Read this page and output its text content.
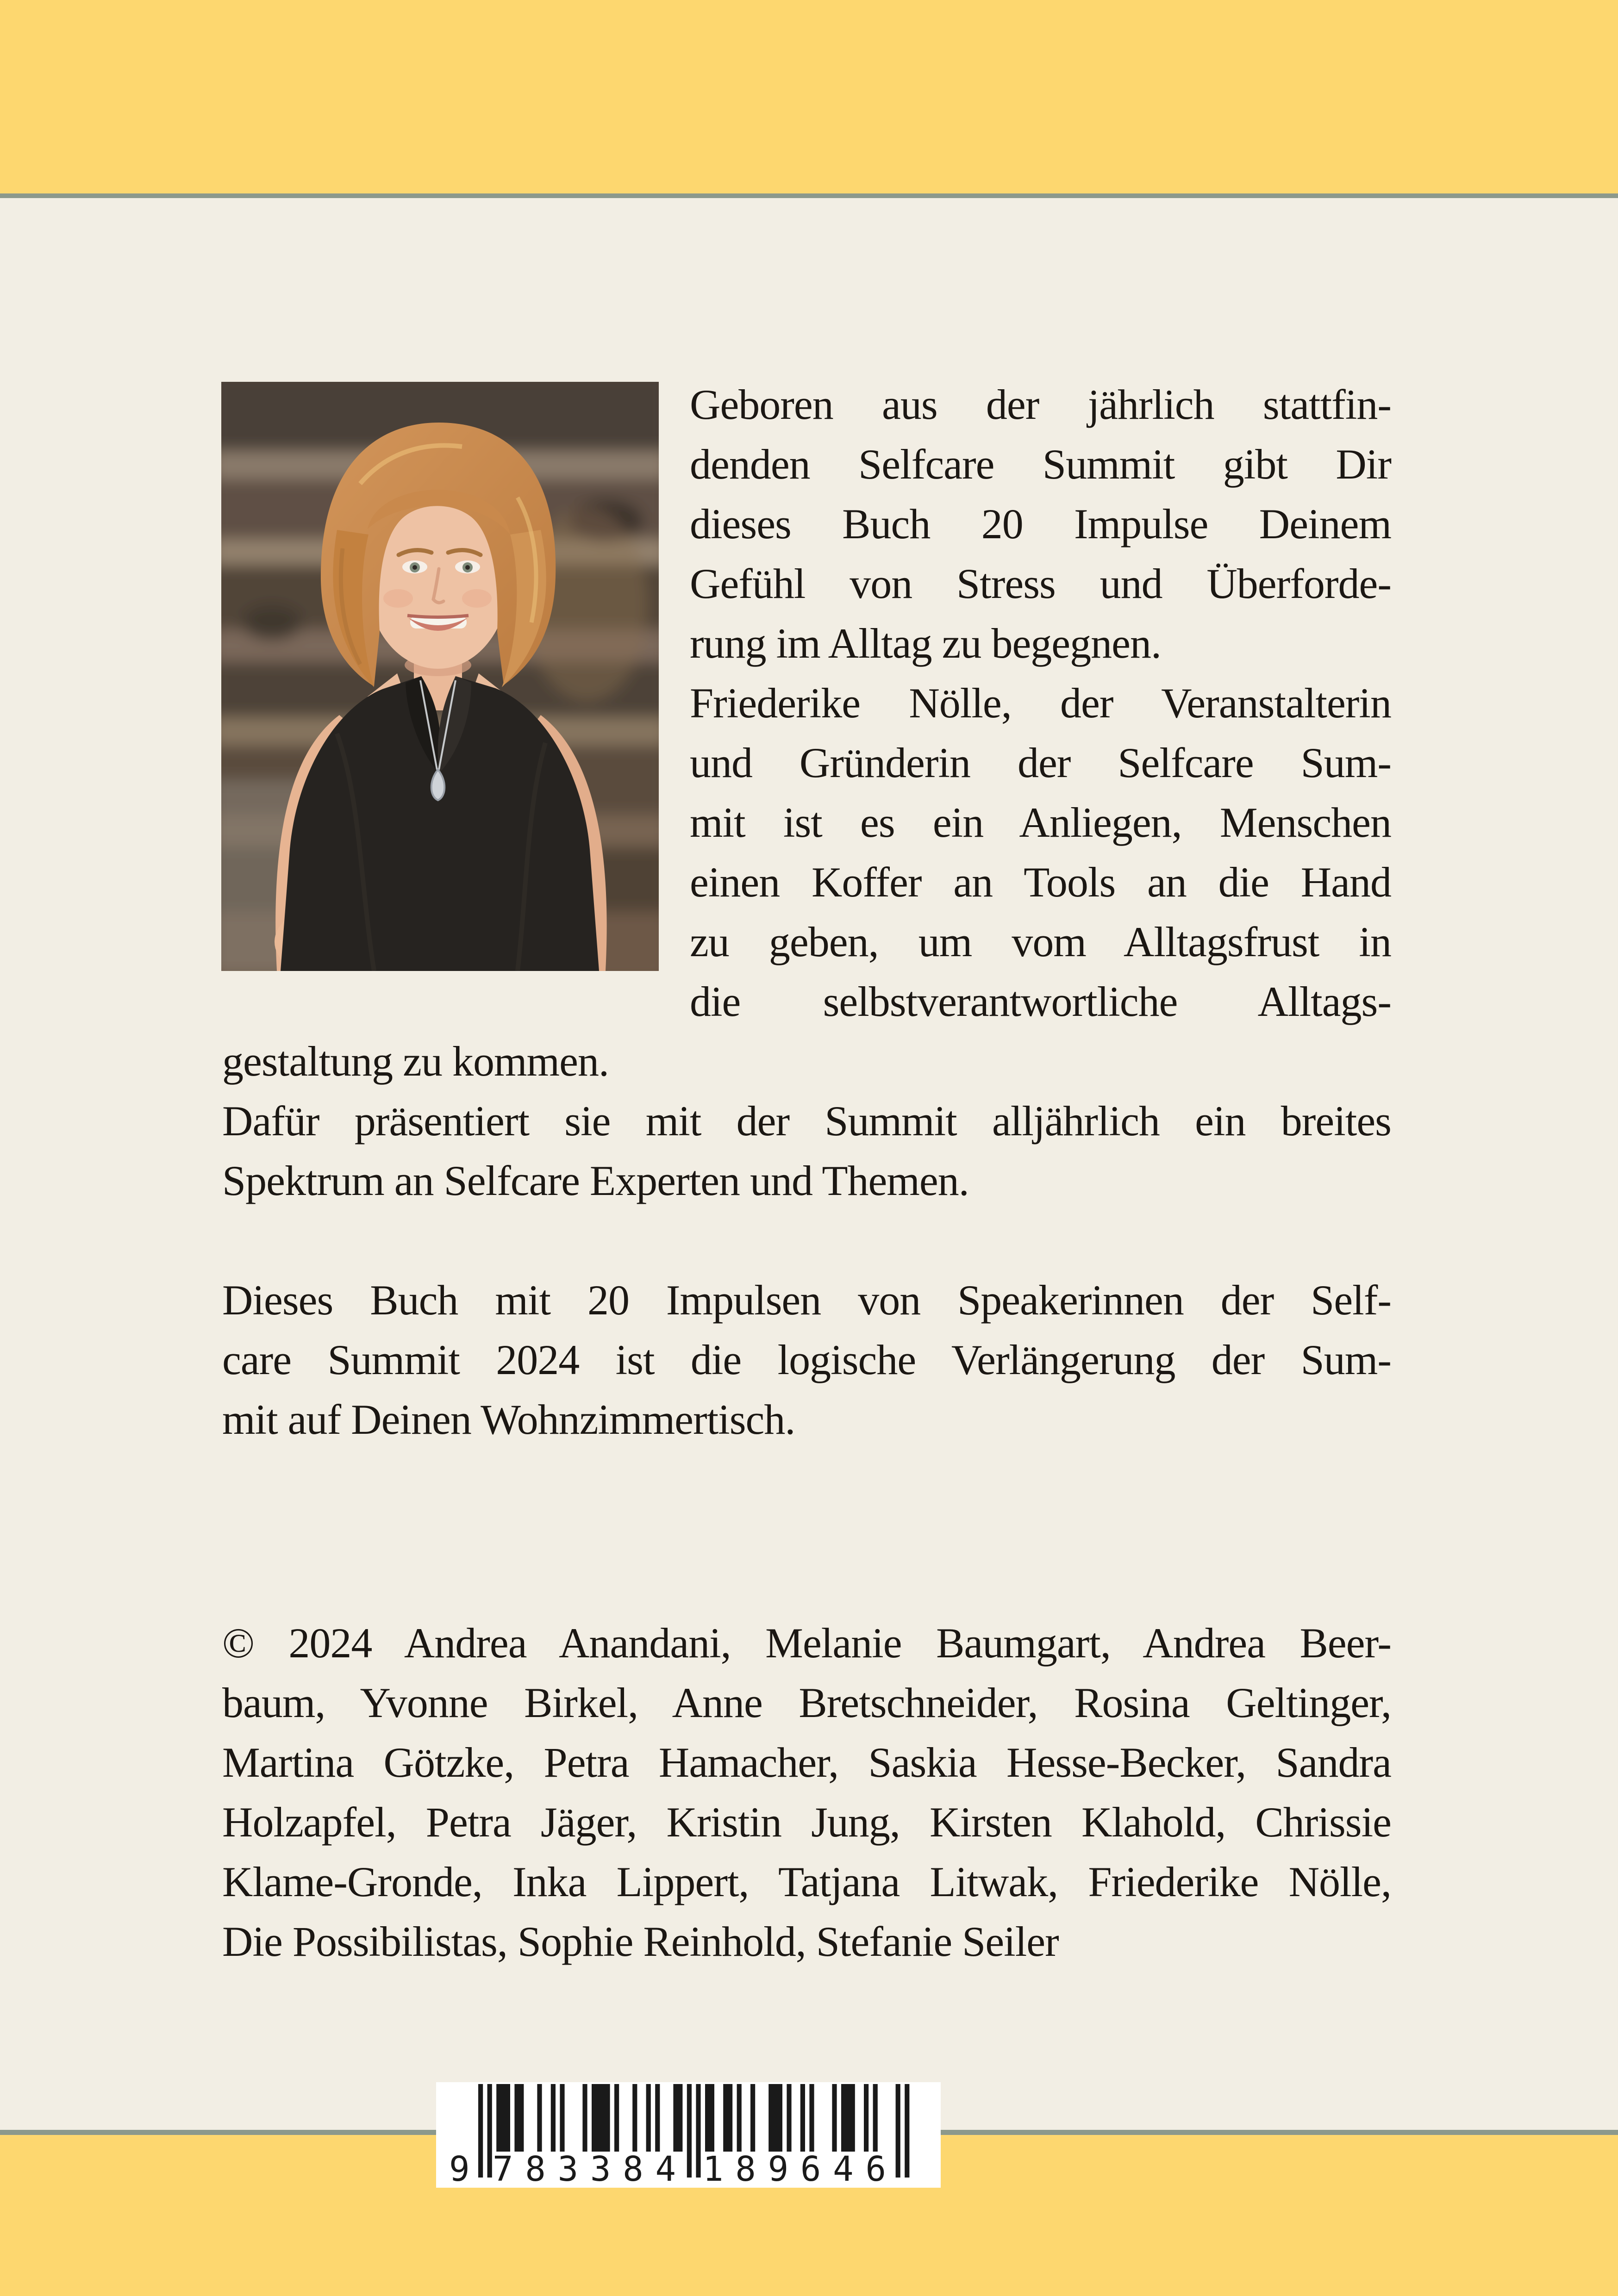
Geboren aus der jährlich stattfin-
denden Selfcare Summit gibt Dir
dieses Buch 20 Impulse Deinem
Gefühl von Stress und Überforde-
rung im Alltag zu begegnen.
Friederike Nölle, der Veranstalterin
und Gründerin der Selfcare Sum-
mit ist es ein Anliegen, Menschen
einen Koffer an Tools an die Hand
zu geben, um vom Alltagsfrust in
die selbstverantwortliche Alltags-
gestaltung zu kommen.
Dafür präsentiert sie mit der Summit alljährlich ein breites
Spektrum an Selfcare Experten und Themen.

Dieses Buch mit 20 Impulsen von Speakerinnen der Self-
care Summit 2024 ist die logische Verlängerung der Sum-
mit auf Deinen Wohnzimmertisch.
© 2024 Andrea Anandani, Melanie Baumgart, Andrea Beer-
baum, Yvonne Birkel, Anne Bretschneider, Rosina Geltinger,
Martina Götzke, Petra Hamacher, Saskia Hesse-Becker, Sandra
Holzapfel, Petra Jäger, Kristin Jung, Kirsten Klahold, Chrissie
Klame-Gronde, Inka Lippert, Tatjana Litwak, Friederike Nölle,
Die Possibilistas, Sophie Reinhold, Stefanie Seiler
9 783384 189646
